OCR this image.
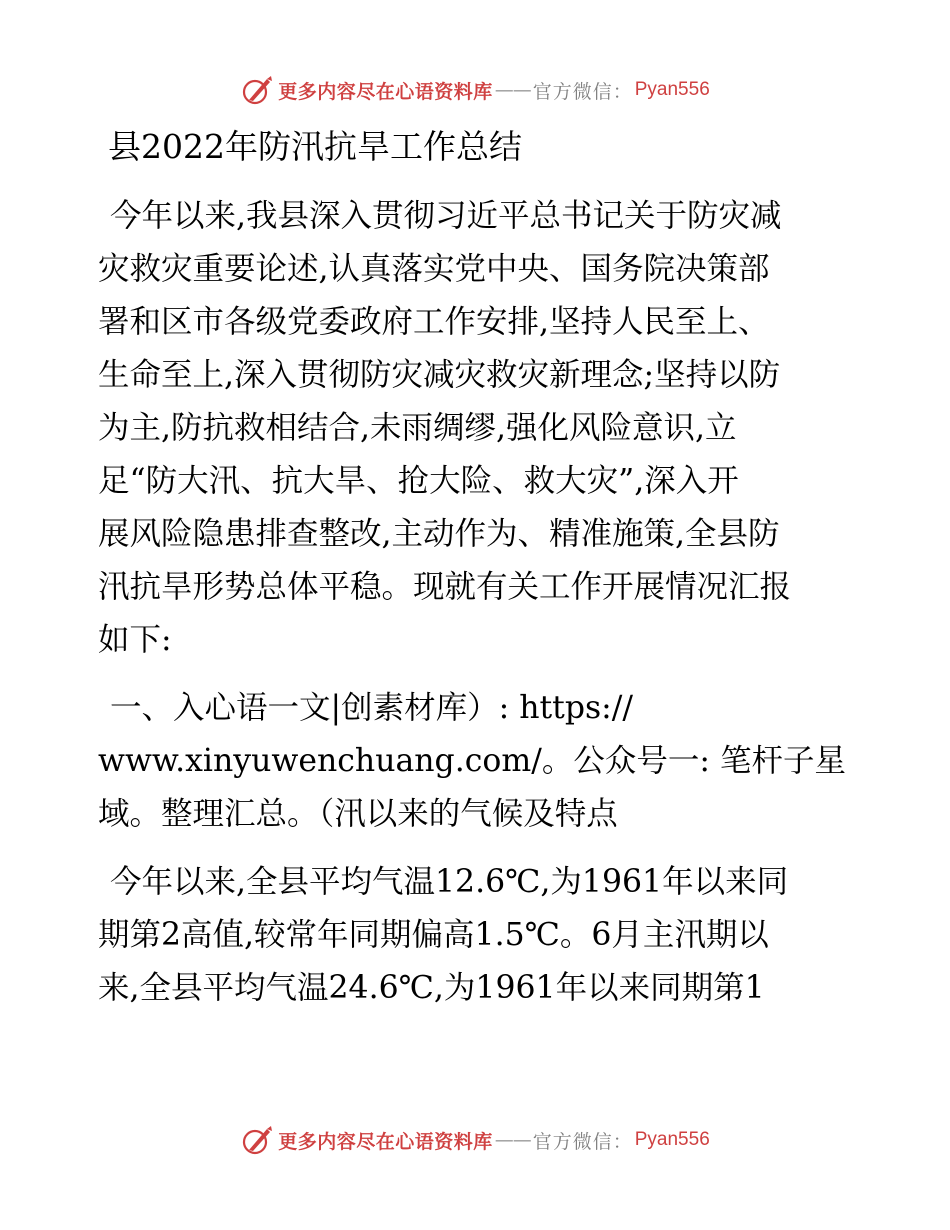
更多内容尽在心语资料库 —— 官方微信： Pyan556
县2022年防汛抗旱工作总结
今年以来,我县深入贯彻习近平总书记关于防灾减
灾救灾重要论述,认真落实党中央、国务院决策部
署和区市各级党委政府工作安排,坚持人民至上、
生命至上,深入贯彻防灾减灾救灾新理念;坚持以防
为主,防抗救相结合,未雨绸缪,强化风险意识,立
足“防大汛、抗大旱、抢大险、救大灾”,深入开
展风险隐患排查整改,主动作为、精准施策,全县防
汛抗旱形势总体平稳。现就有关工作开展情况汇报
如下:
一、入心语一文|创素材库）: https://
www.xinyuwenchuang.com/。公众号一: 笔杆子星
域。整理汇总。（汛以来的气候及特点
今年以来,全县平均气温12.6℃,为1961年以来同
期第2高值,较常年同期偏高1.5℃。6月主汛期以
来,全县平均气温24.6℃,为1961年以来同期第1
更多内容尽在心语资料库 —— 官方微信： Pyan556
